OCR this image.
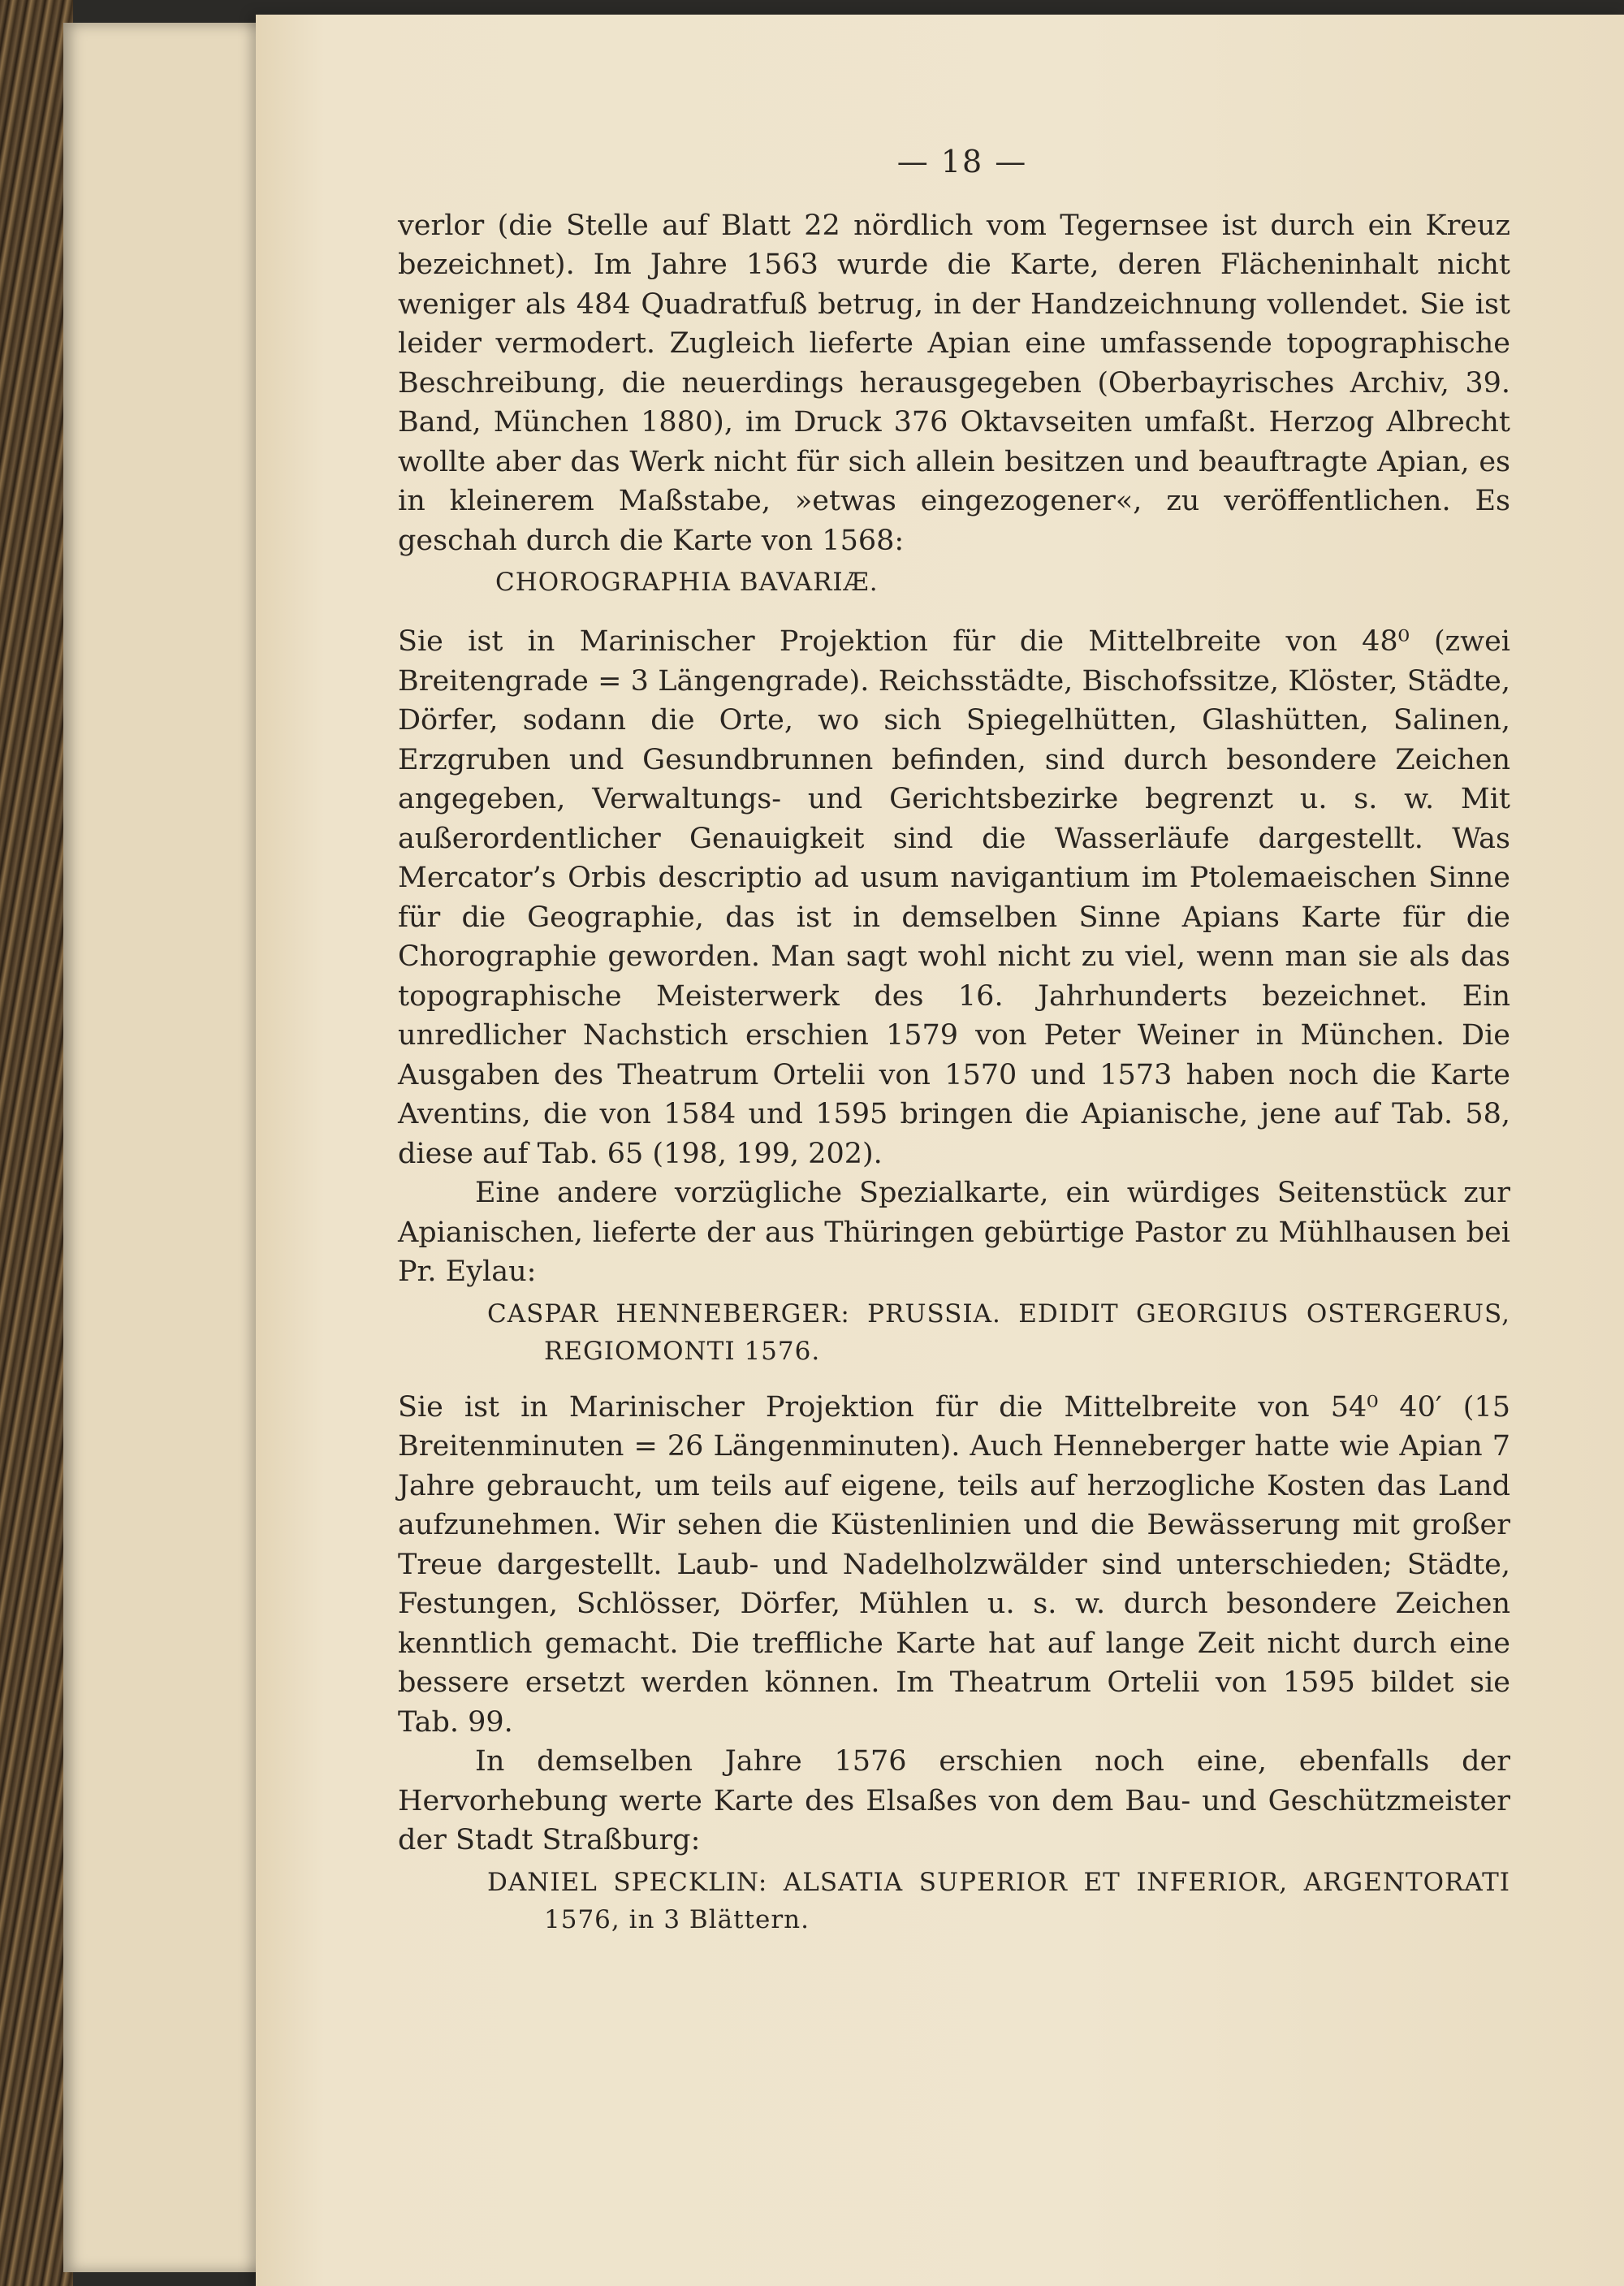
— 18 —

verlor (die Stelle auf Blatt 22 nördlich vom Tegernsee ist durch ein Kreuz bezeichnet). Im Jahre 1563 wurde die Karte, deren Flächeninhalt nicht weniger als 484 Quadratfuß betrug, in der Handzeichnung vollendet. Sie ist leider vermodert. Zugleich lieferte Apian eine umfassende topographische Beschreibung, die neuerdings herausgegeben (Oberbayrisches Archiv, 39. Band, München 1880), im Druck 376 Oktavseiten umfaßt. Herzog Albrecht wollte aber das Werk nicht für sich allein besitzen und beauftragte Apian, es in kleinerem Maßstabe, »etwas eingezogener«, zu veröffentlichen. Es geschah durch die Karte von 1568:

CHOROGRAPHIA BAVARIÆ.

Sie ist in Marinischer Projektion für die Mittelbreite von 48⁰ (zwei Breitengrade = 3 Längengrade). Reichsstädte, Bischofssitze, Klöster, Städte, Dörfer, sodann die Orte, wo sich Spiegelhütten, Glashütten, Salinen, Erzgruben und Gesundbrunnen befinden, sind durch besondere Zeichen angegeben, Verwaltungs- und Gerichtsbezirke begrenzt u. s. w. Mit außerordentlicher Genauigkeit sind die Wasserläufe dargestellt. Was Mercator’s Orbis descriptio ad usum navigantium im Ptolemaeischen Sinne für die Geographie, das ist in demselben Sinne Apians Karte für die Chorographie geworden. Man sagt wohl nicht zu viel, wenn man sie als das topographische Meisterwerk des 16. Jahrhunderts bezeichnet. Ein unredlicher Nachstich erschien 1579 von Peter Weiner in München. Die Ausgaben des Theatrum Ortelii von 1570 und 1573 haben noch die Karte Aventins, die von 1584 und 1595 bringen die Apianische, jene auf Tab. 58, diese auf Tab. 65 (198, 199, 202).

Eine andere vorzügliche Spezialkarte, ein würdiges Seitenstück zur Apianischen, lieferte der aus Thüringen gebürtige Pastor zu Mühlhausen bei Pr. Eylau:

CASPAR HENNEBERGER: PRUSSIA. EDIDIT GEORGIUS OSTERGERUS, REGIOMONTI 1576.

Sie ist in Marinischer Projektion für die Mittelbreite von 54⁰ 40′ (15 Breitenminuten = 26 Längenminuten). Auch Henneberger hatte wie Apian 7 Jahre gebraucht, um teils auf eigene, teils auf herzogliche Kosten das Land aufzunehmen. Wir sehen die Küstenlinien und die Bewässerung mit großer Treue dargestellt. Laub- und Nadelholzwälder sind unterschieden; Städte, Festungen, Schlösser, Dörfer, Mühlen u. s. w. durch besondere Zeichen kenntlich gemacht. Die treffliche Karte hat auf lange Zeit nicht durch eine bessere ersetzt werden können. Im Theatrum Ortelii von 1595 bildet sie Tab. 99.

In demselben Jahre 1576 erschien noch eine, ebenfalls der Hervorhebung werte Karte des Elsaßes von dem Bau- und Geschützmeister der Stadt Straßburg:

DANIEL SPECKLIN: ALSATIA SUPERIOR ET INFERIOR, ARGENTORATI 1576, in 3 Blättern.
